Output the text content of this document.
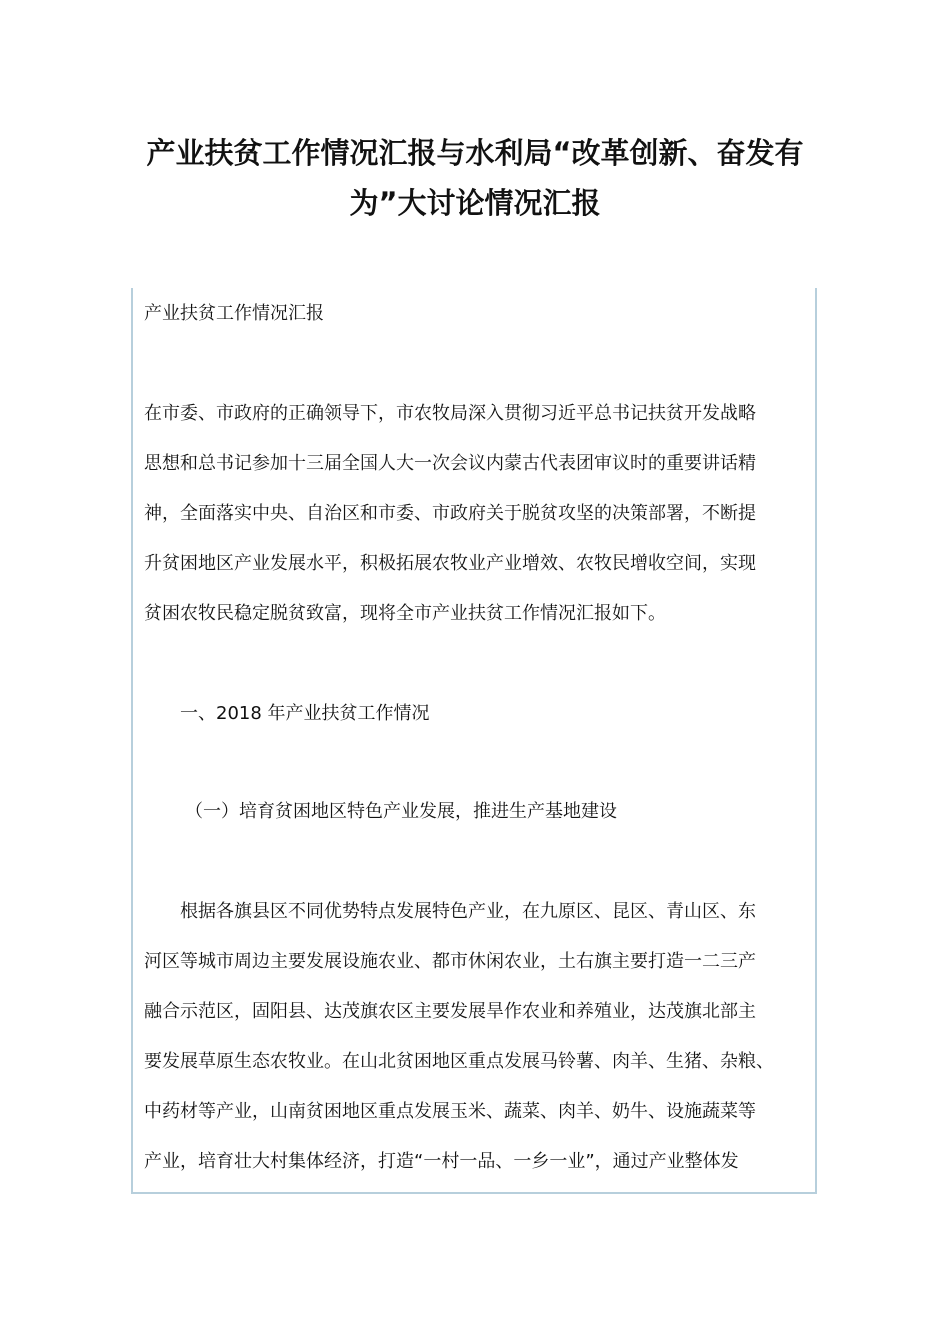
产业扶贫工作情况汇报与水利局“改革创新、奋发有
为”大讨论情况汇报
产业扶贫工作情况汇报
在市委、市政府的正确领导下，市农牧局深入贯彻习近平总书记扶贫开发战略
思想和总书记参加十三届全国人大一次会议内蒙古代表团审议时的重要讲话精
神，全面落实中央、自治区和市委、市政府关于脱贫攻坚的决策部署，不断提
升贫困地区产业发展水平，积极拓展农牧业产业增效、农牧民增收空间，实现
贫困农牧民稳定脱贫致富，现将全市产业扶贫工作情况汇报如下。
一、2018 年产业扶贫工作情况
（一）培育贫困地区特色产业发展，推进生产基地建设
根据各旗县区不同优势特点发展特色产业，在九原区、昆区、青山区、东
河区等城市周边主要发展设施农业、都市休闲农业，土右旗主要打造一二三产
融合示范区，固阳县、达茂旗农区主要发展旱作农业和养殖业，达茂旗北部主
要发展草原生态农牧业。在山北贫困地区重点发展马铃薯、肉羊、生猪、杂粮、
中药材等产业，山南贫困地区重点发展玉米、蔬菜、肉羊、奶牛、设施蔬菜等
产业，培育壮大村集体经济，打造“一村一品、一乡一业”，通过产业整体发
